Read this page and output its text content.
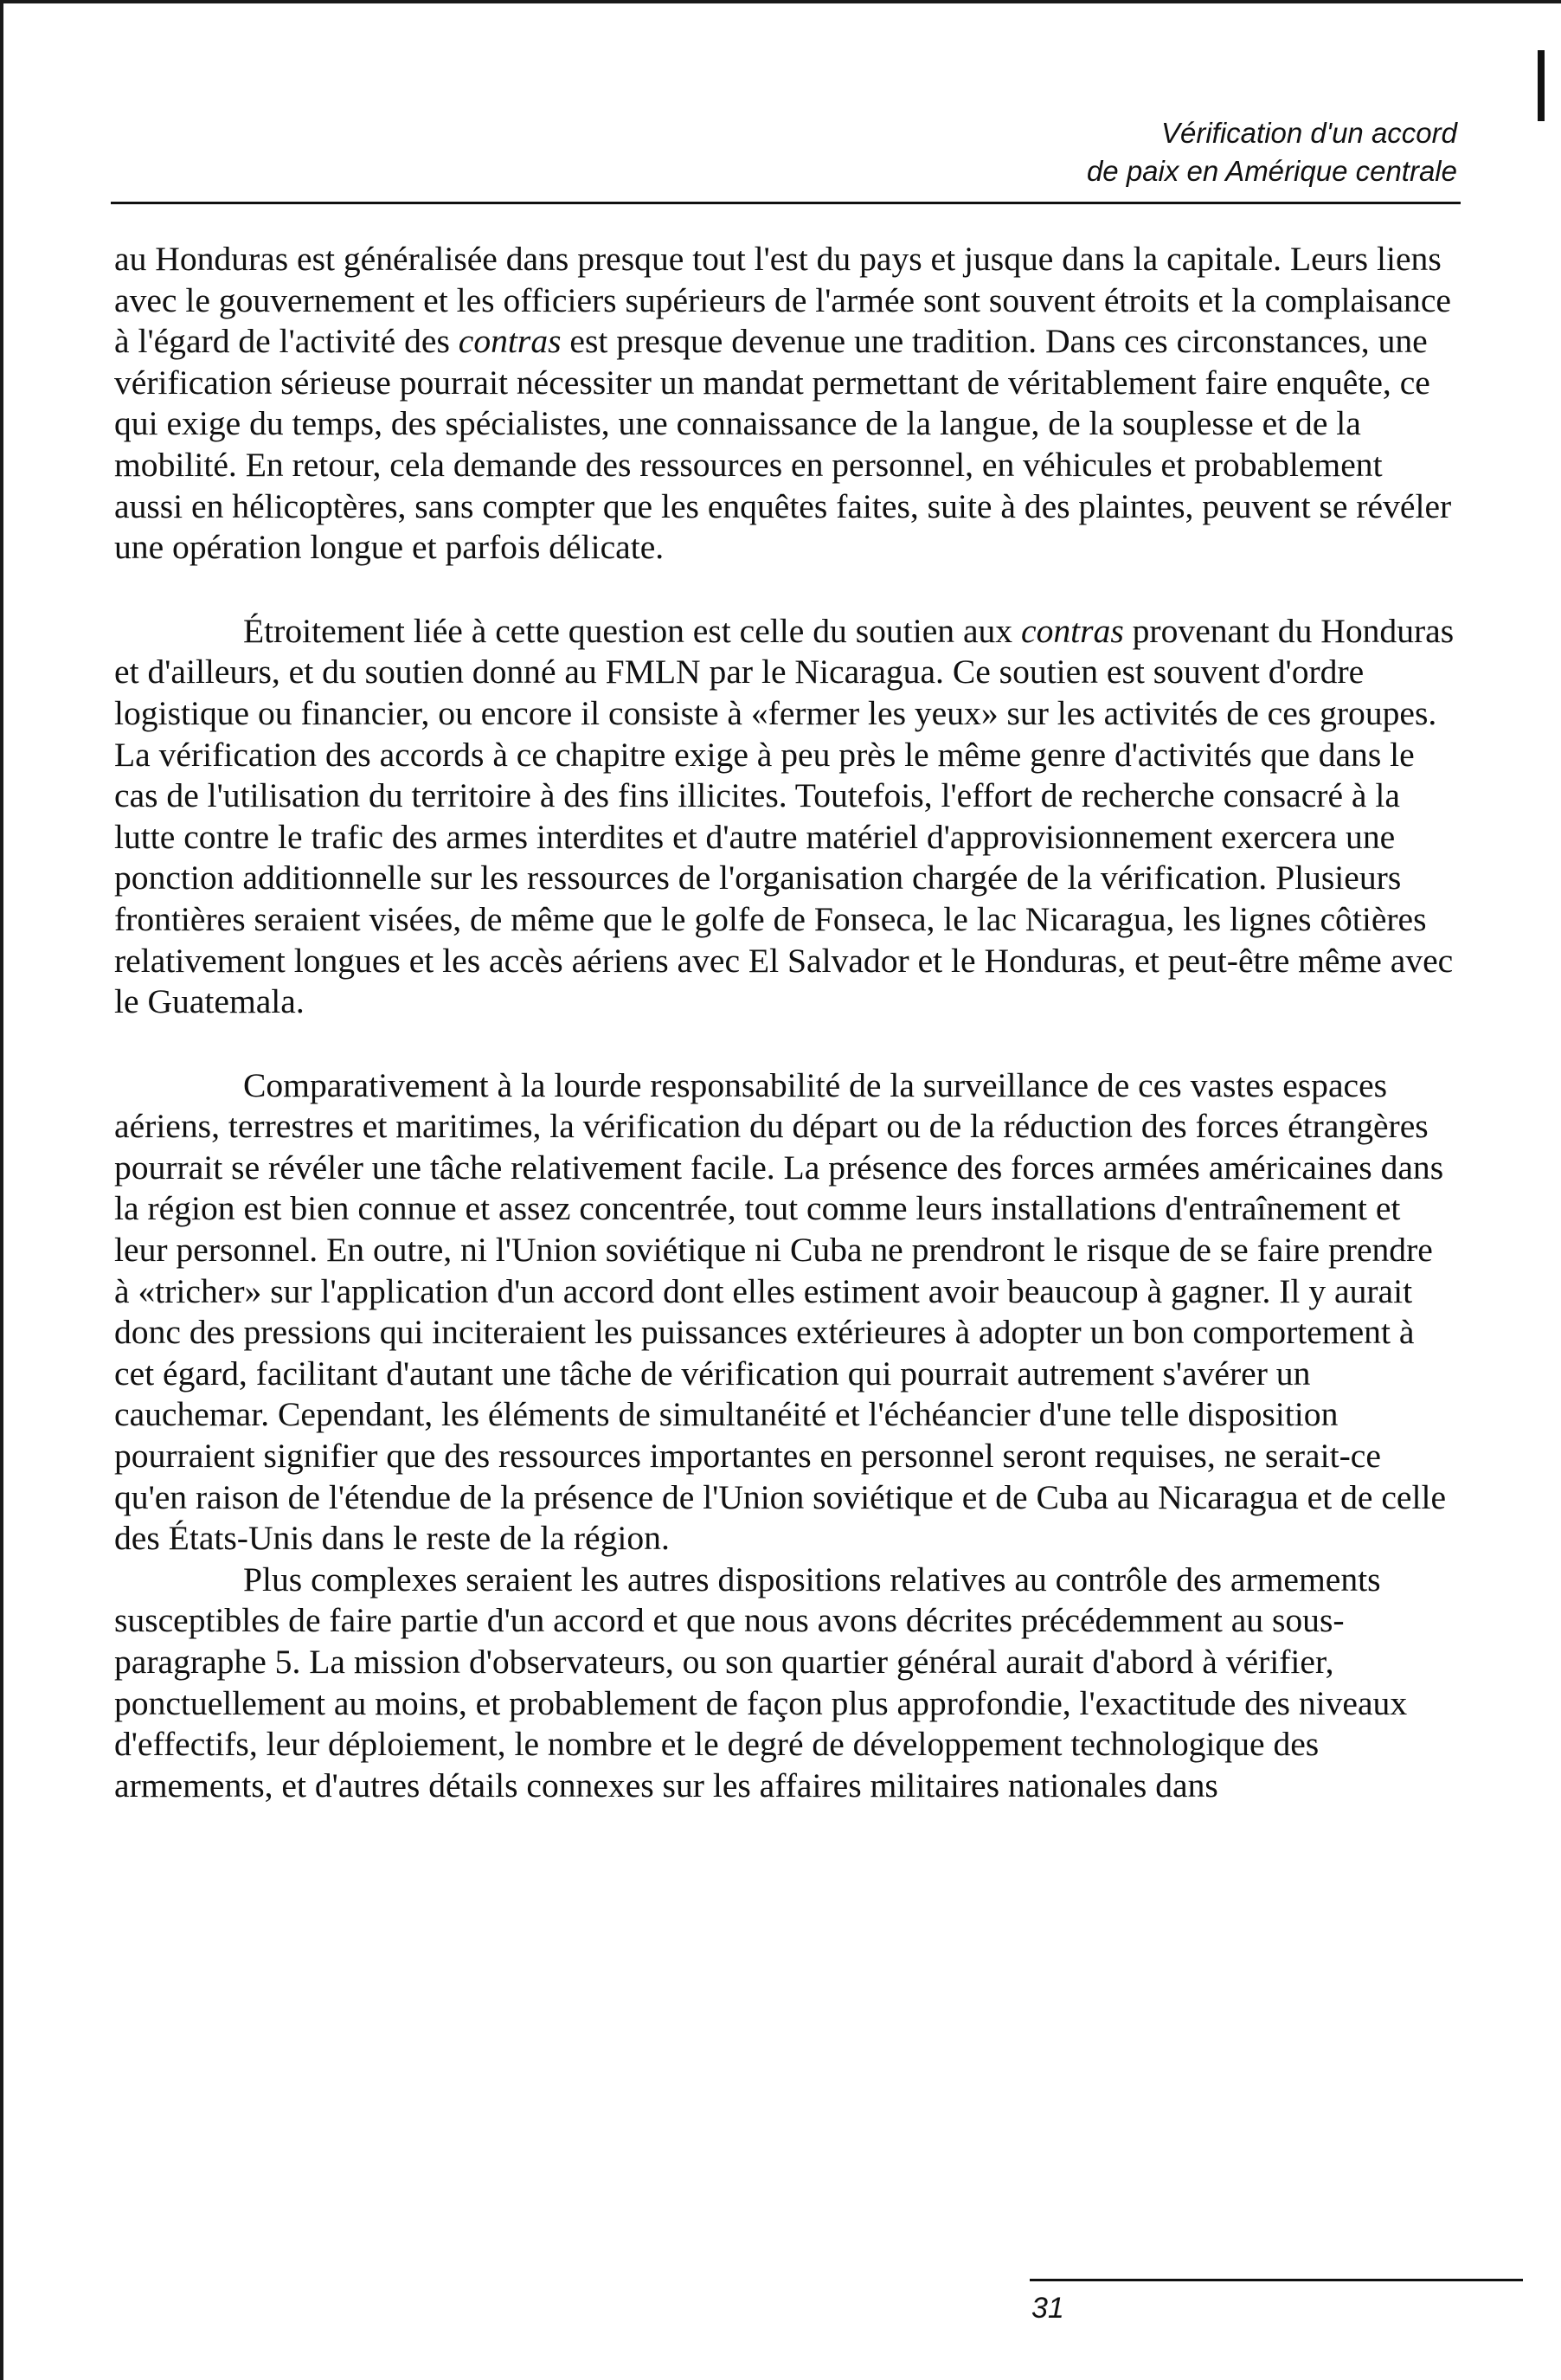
Vérification d'un accord
de paix en Amérique centrale

au Honduras est généralisée dans presque tout l'est du pays et jusque dans la capitale. Leurs liens avec le gouvernement et les officiers supérieurs de l'armée sont souvent étroits et la complaisance à l'égard de l'activité des contras est presque devenue une tradition. Dans ces circonstances, une vérification sérieuse pourrait nécessiter un mandat permettant de véritablement faire enquête, ce qui exige du temps, des spécialistes, une connaissance de la langue, de la souplesse et de la mobilité. En retour, cela demande des ressources en personnel, en véhicules et probablement aussi en hélicoptères, sans compter que les enquêtes faites, suite à des plaintes, peuvent se révéler une opération longue et parfois délicate.

Étroitement liée à cette question est celle du soutien aux contras provenant du Honduras et d'ailleurs, et du soutien donné au FMLN par le Nicaragua. Ce soutien est souvent d'ordre logistique ou financier, ou encore il consiste à «fermer les yeux» sur les activités de ces groupes. La vérification des accords à ce chapitre exige à peu près le même genre d'activités que dans le cas de l'utilisation du territoire à des fins illicites. Toutefois, l'effort de recherche consacré à la lutte contre le trafic des armes interdites et d'autre matériel d'approvisionnement exercera une ponction additionnelle sur les ressources de l'organisation chargée de la vérification. Plusieurs frontières seraient visées, de même que le golfe de Fonseca, le lac Nicaragua, les lignes côtières relativement longues et les accès aériens avec El Salvador et le Honduras, et peut-être même avec le Guatemala.

Comparativement à la lourde responsabilité de la surveillance de ces vastes espaces aériens, terrestres et maritimes, la vérification du départ ou de la réduction des forces étrangères pourrait se révéler une tâche relativement facile. La présence des forces armées américaines dans la région est bien connue et assez concentrée, tout comme leurs installations d'entraînement et leur personnel. En outre, ni l'Union soviétique ni Cuba ne prendront le risque de se faire prendre à «tricher» sur l'application d'un accord dont elles estiment avoir beaucoup à gagner. Il y aurait donc des pressions qui inciteraient les puissances extérieures à adopter un bon comportement à cet égard, facilitant d'autant une tâche de vérification qui pourrait autrement s'avérer un cauchemar. Cependant, les éléments de simultanéité et l'échéancier d'une telle disposition pourraient signifier que des ressources importantes en personnel seront requises, ne serait-ce qu'en raison de l'étendue de la présence de l'Union soviétique et de Cuba au Nicaragua et de celle des États-Unis dans le reste de la région.

Plus complexes seraient les autres dispositions relatives au contrôle des armements susceptibles de faire partie d'un accord et que nous avons décrites précédemment au sous-paragraphe 5. La mission d'observateurs, ou son quartier général aurait d'abord à vérifier, ponctuellement au moins, et probablement de façon plus approfondie, l'exactitude des niveaux d'effectifs, leur déploiement, le nombre et le degré de développement technologique des armements, et d'autres détails connexes sur les affaires militaires nationales dans

31
